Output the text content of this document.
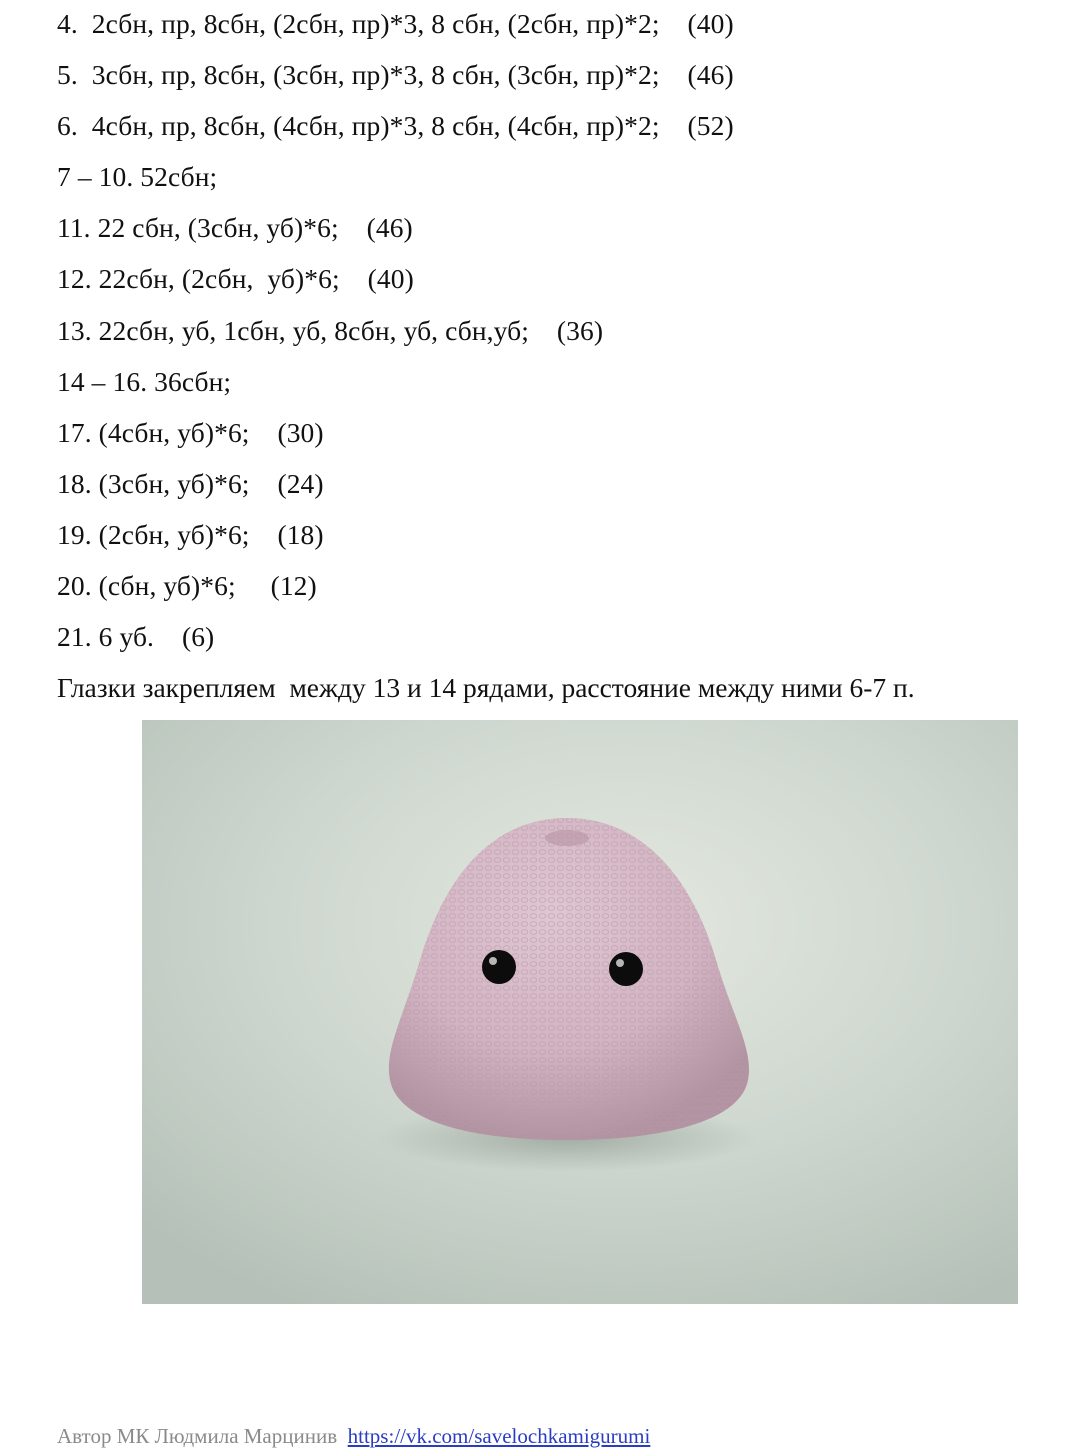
4.  2сбн, пр, 8сбн, (2сбн, пр)*3, 8 сбн, (2сбн, пр)*2;    (40)
5.  3сбн, пр, 8сбн, (3сбн, пр)*3, 8 сбн, (3сбн, пр)*2;    (46)
6.  4сбн, пр, 8сбн, (4сбн, пр)*3, 8 сбн, (4сбн, пр)*2;    (52)
7 – 10. 52сбн;
11. 22 сбн, (3сбн, уб)*6;    (46)
12. 22сбн, (2сбн,  уб)*6;    (40)
13. 22сбн, уб, 1сбн, уб, 8сбн, уб, сбн,уб;    (36)
14 – 16. 36сбн;
17. (4сбн, уб)*6;    (30)
18. (3сбн, уб)*6;    (24)
19. (2сбн, уб)*6;    (18)
20. (сбн, уб)*6;     (12)
21. 6 уб.    (6)
Глазки закрепляем  между 13 и 14 рядами, расстояние между ними 6-7 п.
Автор МК Людмила Марцинив  https://vk.com/savelochkamigurumi
